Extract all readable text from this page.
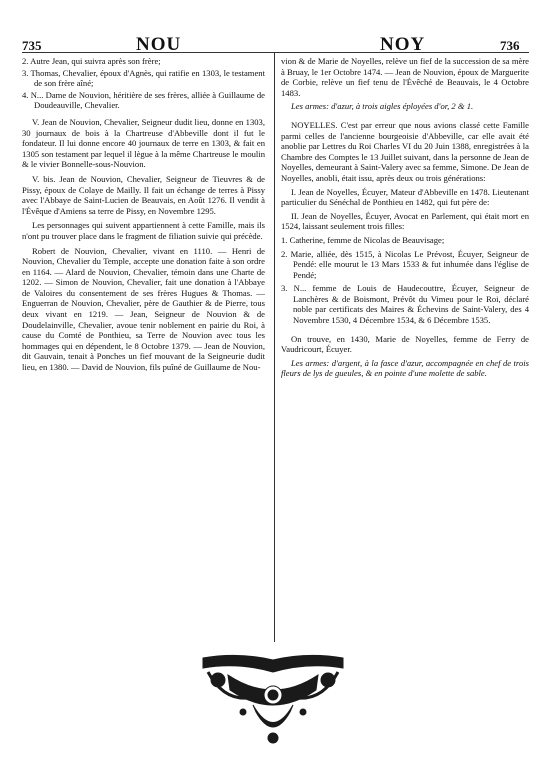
735	NOU	NOY	736

2. Autre Jean, qui suivra après son frère;

3. Thomas, Chevalier, époux d'Agnès, qui ratifie en 1303, le testament de son frère aîné;

4. N... Dame de Nouvion, héritière de ses frères, alliée à Guillaume de Doudeauville, Chevalier.

V. Jean de Nouvion, Chevalier, Seigneur dudit lieu, donne en 1303, 30 journaux de bois à la Chartreuse d'Abbeville dont il fut le fondateur. Il lui donne encore 40 journaux de terre en 1303, & fait en 1305 son testament par lequel il lègue à la même Chartreuse le moulin & le vivier Bonnelle-sous-Nouvion.

V. bis. Jean de Nouvion, Chevalier, Seigneur de Tieuvres & de Pissy, époux de Colaye de Mailly. Il fait un échange de terres à Pissy avec l'Abbaye de Saint-Lucien de Beauvais, en Août 1276. Il vendit à l'Évêque d'Amiens sa terre de Pissy, en Novembre 1295.

Les personnages qui suivent appartiennent à cette Famille, mais ils n'ont pu trouver place dans le fragment de filiation suivie qui précède.

Robert de Nouvion, Chevalier, vivant en 1110. — Henri de Nouvion, Chevalier du Temple, accepte une donation faite à son ordre en 1164. — Alard de Nouvion, Chevalier, témoin dans une Charte de 1202. — Simon de Nouvion, Chevalier, fait une donation à l'Abbaye de Valoires du consentement de ses frères Hugues & Thomas. — Enguerran de Nouvion, Chevalier, père de Gauthier & de Pierre, tous deux vivant en 1219. — Jean, Seigneur de Nouvion & de Doudelainville, Chevalier, avoue tenir noblement en pairie du Roi, à cause du Comté de Ponthieu, sa Terre de Nouvion avec tous les hommages qui en dépendent, le 8 Octobre 1379. — Jean de Nouvion, dit Gauvain, tenait à Ponches un fief mouvant de la Seigneurie dudit lieu, en 1380. — David de Nouvion, fils puîné de Guillaume de Nou-

vion & de Marie de Noyelles, relève un fief de la succession de sa mère à Bruay, le 1er Octobre 1474. — Jean de Nouvion, époux de Marguerite de Corbie, relève un fief tenu de l'Évêché de Beauvais, le 4 Octobre 1483.

Les armes: d'azur, à trois aigles éployées d'or, 2 & 1.

NOYELLES. C'est par erreur que nous avions classé cette Famille parmi celles de l'ancienne bourgeoisie d'Abbeville, car elle avait été anoblie par Lettres du Roi Charles VI du 20 Juin 1388, enregistrées à la Chambre des Comptes le 13 Juillet suivant, dans la personne de Jean de Noyelles, demeurant à Saint-Valery avec sa femme, Simone. De Jean de Noyelles, anobli, était issu, après deux ou trois générations:

I. Jean de Noyelles, Écuyer, Mateur d'Abbeville en 1478. Lieutenant particulier du Sénéchal de Ponthieu en 1482, qui fut père de:

II. Jean de Noyelles, Écuyer, Avocat en Parlement, qui était mort en 1524, laissant seulement trois filles:

1. Catherine, femme de Nicolas de Beauvisage;

2. Marie, alliée, dès 1515, à Nicolas Le Prévost, Écuyer, Seigneur de Pendé: elle mourut le 13 Mars 1533 & fut inhumée dans l'église de Pendé;

3. N... femme de Louis de Haudecouttre, Écuyer, Seigneur de Lanchères & de Boismont, Prévôt du Vimeu pour le Roi, déclaré noble par certificats des Maires & Échevins de Saint-Valery, des 4 Novembre 1530, 4 Décembre 1534, & 6 Décembre 1535.

On trouve, en 1430, Marie de Noyelles, femme de Ferry de Vaudricourt, Écuyer.

Les armes: d'argent, à la fasce d'azur, accompagnée en chef de trois fleurs de lys de gueules, & en pointe d'une molette de sable.
